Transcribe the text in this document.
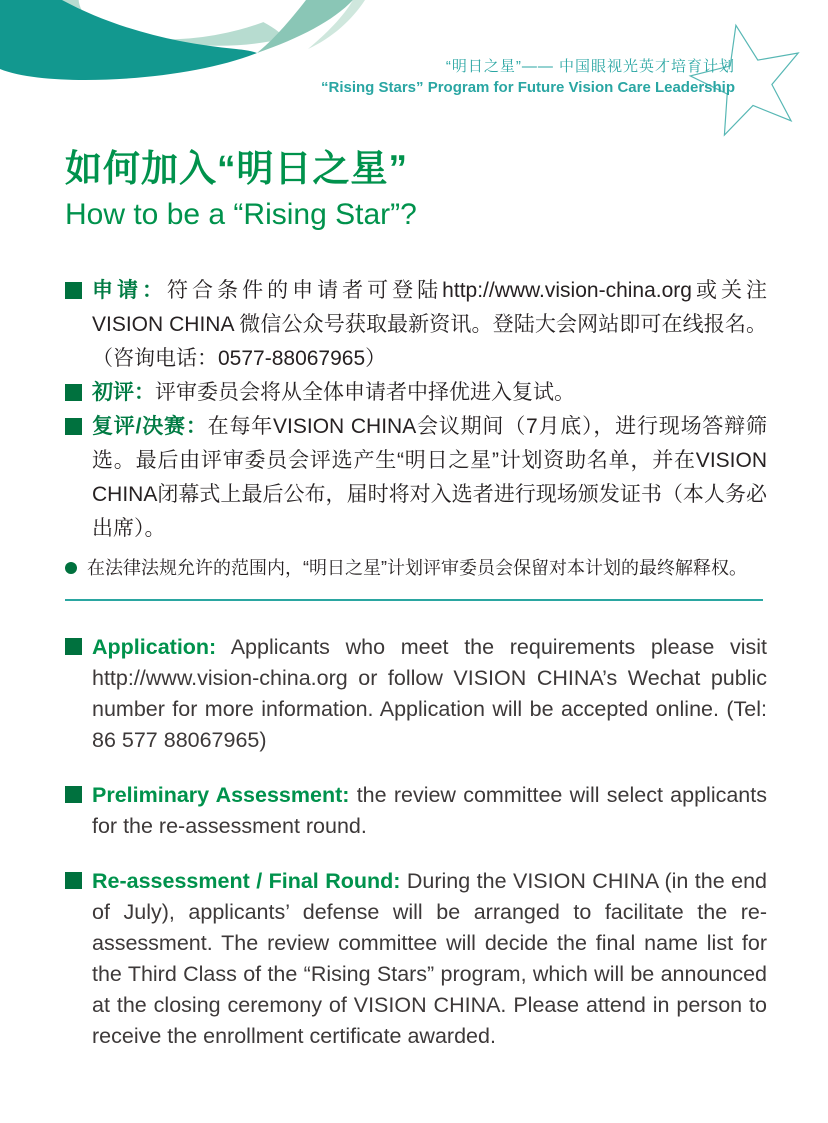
“明日之星”—— 中国眼视光英才培育计划
“Rising Stars” Program for Future Vision Care Leadership
如何加入“明日之星”
How to be a “Rising Star”?
申请：符合条件的申请者可登陆http://www.vision-china.org或关注 VISION CHINA 微信公众号获取最新资讯。登陆大会网站即可在线报名。（咨询电话：0577-88067965）
初评：评审委员会将从全体申请者中择优进入复试。
复评/决赛：在每年VISION CHINA会议期间（7月底），进行现场答辩筛选。最后由评审委员会评选产生“明日之星”计划资助名单，并在VISION CHINA闭幕式上最后公布，届时将对入选者进行现场颁发证书（本人务必出席）。
在法律法规允许的范围内，“明日之星”计划评审委员会保留对本计划的最终解释权。
Application: Applicants who meet the requirements please visit http://www.vision-china.org or follow VISION CHINA’s Wechat public number for more information. Application will be accepted online. (Tel: 86 577 88067965)
Preliminary Assessment: the review committee will select applicants for the re-assessment round.
Re-assessment / Final Round: During the VISION CHINA (in the end of July), applicants’ defense will be arranged to facilitate the re-assessment. The review committee will decide the final name list for the Third Class of the “Rising Stars” program, which will be announced at the closing ceremony of VISION CHINA. Please attend in person to receive the enrollment certificate awarded.
